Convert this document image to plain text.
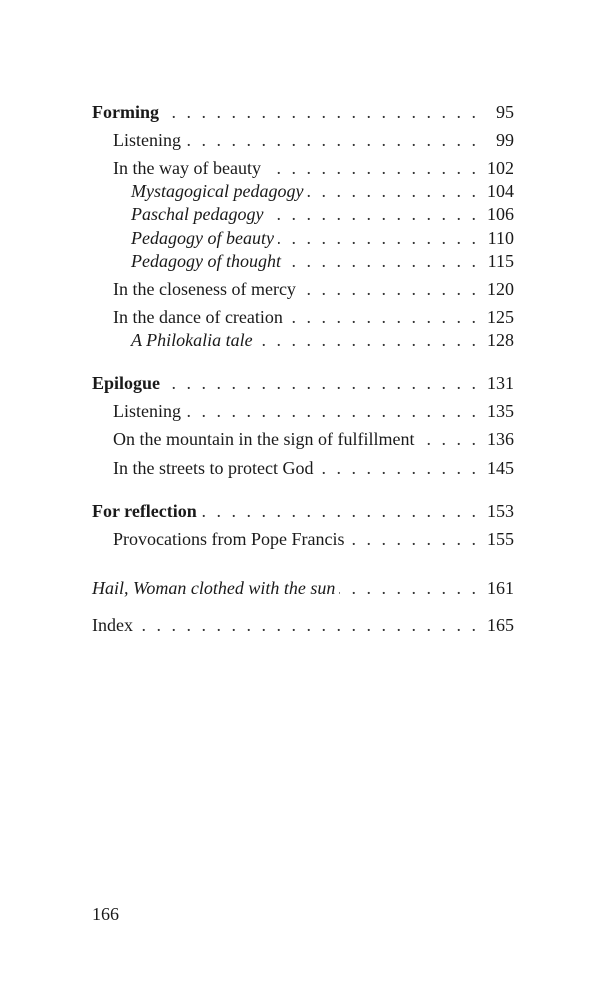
Forming . . .	95
Listening . . .	99
In the way of beauty . . .	102
Mystagogical pedagogy . . .	104
Paschal pedagogy . . .	106
Pedagogy of beauty . . .	110
Pedagogy of thought . . .	115
In the closeness of mercy . . .	120
In the dance of creation . . .	125
A Philokalia tale . . .	128
Epilogue . . .	131
Listening . . .	135
On the mountain in the sign of fulfillment . . .	136
In the streets to protect God . . .	145
For reflection . . .	153
Provocations from Pope Francis . . .	155
Hail, Woman clothed with the sun . . .	161
Index . . .	165
166
